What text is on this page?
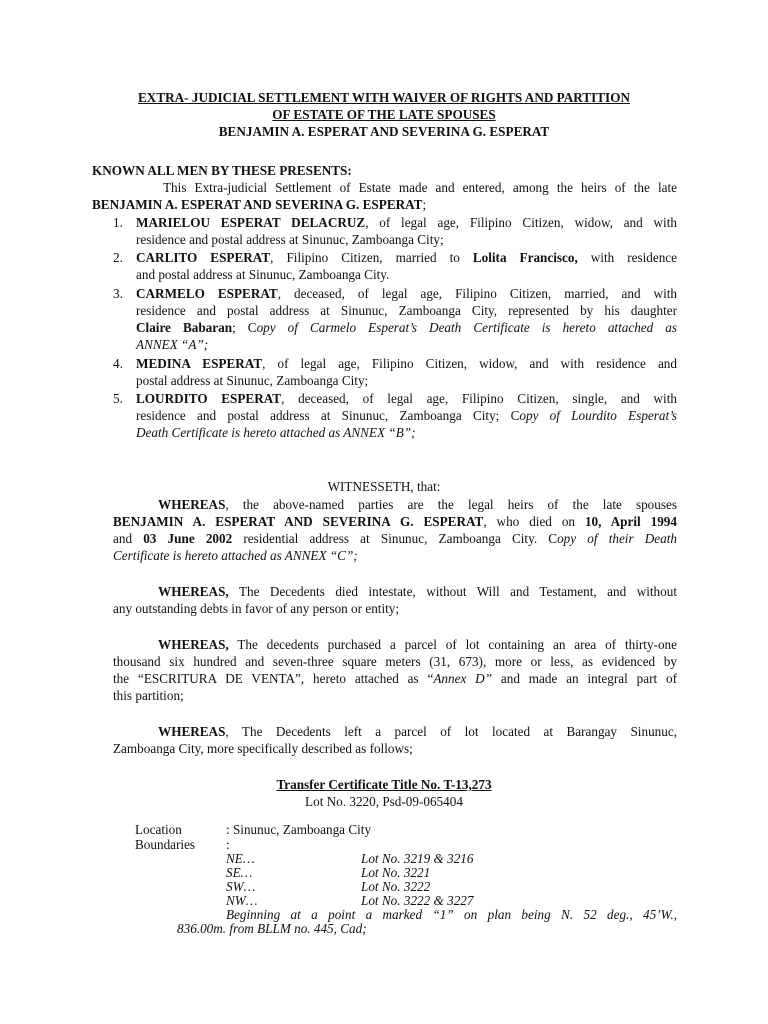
EXTRA- JUDICIAL SETTLEMENT WITH WAIVER OF RIGHTS AND PARTITION
OF ESTATE OF THE LATE SPOUSES
BENJAMIN A. ESPERAT AND SEVERINA G. ESPERAT
KNOWN ALL MEN BY THESE PRESENTS:
This Extra-judicial Settlement of Estate made and entered, among the heirs of the late
BENJAMIN A. ESPERAT AND SEVERINA G. ESPERAT;
1. MARIELOU ESPERAT DELACRUZ, of legal age, Filipino Citizen, widow, and with
residence and postal address at Sinunuc, Zamboanga City;
2. CARLITO ESPERAT, Filipino Citizen, married to Lolita Francisco, with residence
and postal address at Sinunuc, Zamboanga City.
3. CARMELO ESPERAT, deceased, of legal age, Filipino Citizen, married, and with
residence and postal address at Sinunuc, Zamboanga City, represented by his daughter
Claire Babaran; Copy of Carmelo Esperat’s Death Certificate is hereto attached as
ANNEX “A”;
4. MEDINA ESPERAT, of legal age, Filipino Citizen, widow, and with residence and
postal address at Sinunuc, Zamboanga City;
5. LOURDITO ESPERAT, deceased, of legal age, Filipino Citizen, single, and with
residence and postal address at Sinunuc, Zamboanga City; Copy of Lourdito Esperat’s
Death Certificate is hereto attached as ANNEX “B”;
WITNESSETH, that:
WHEREAS, the above-named parties are the legal heirs of the late spouses
BENJAMIN A. ESPERAT AND SEVERINA G. ESPERAT, who died on 10, April 1994
and 03 June 2002 residential address at Sinunuc, Zamboanga City. Copy of their Death
Certificate is hereto attached as ANNEX “C”;
WHEREAS, The Decedents died intestate, without Will and Testament, and without
any outstanding debts in favor of any person or entity;
WHEREAS, The decedents purchased a parcel of lot containing an area of thirty-one
thousand six hundred and seven-three square meters (31, 673), more or less, as evidenced by
the “ESCRITURA DE VENTA”, hereto attached as “Annex D” and made an integral part of
this partition;
WHEREAS, The Decedents left a parcel of lot located at Barangay Sinunuc,
Zamboanga City, more specifically described as follows;
Transfer Certificate Title No. T-13,273
Lot No. 3220, Psd-09-065404
Location	: Sinunuc, Zamboanga City
Boundaries :
NE…	Lot No. 3219 & 3216
SE…	Lot No. 3221
SW…	Lot No. 3222
NW…	Lot No. 3222 & 3227
Beginning at a point a marked “1” on plan being N. 52 deg., 45’W.,
836.00m. from BLLM no. 445, Cad;
